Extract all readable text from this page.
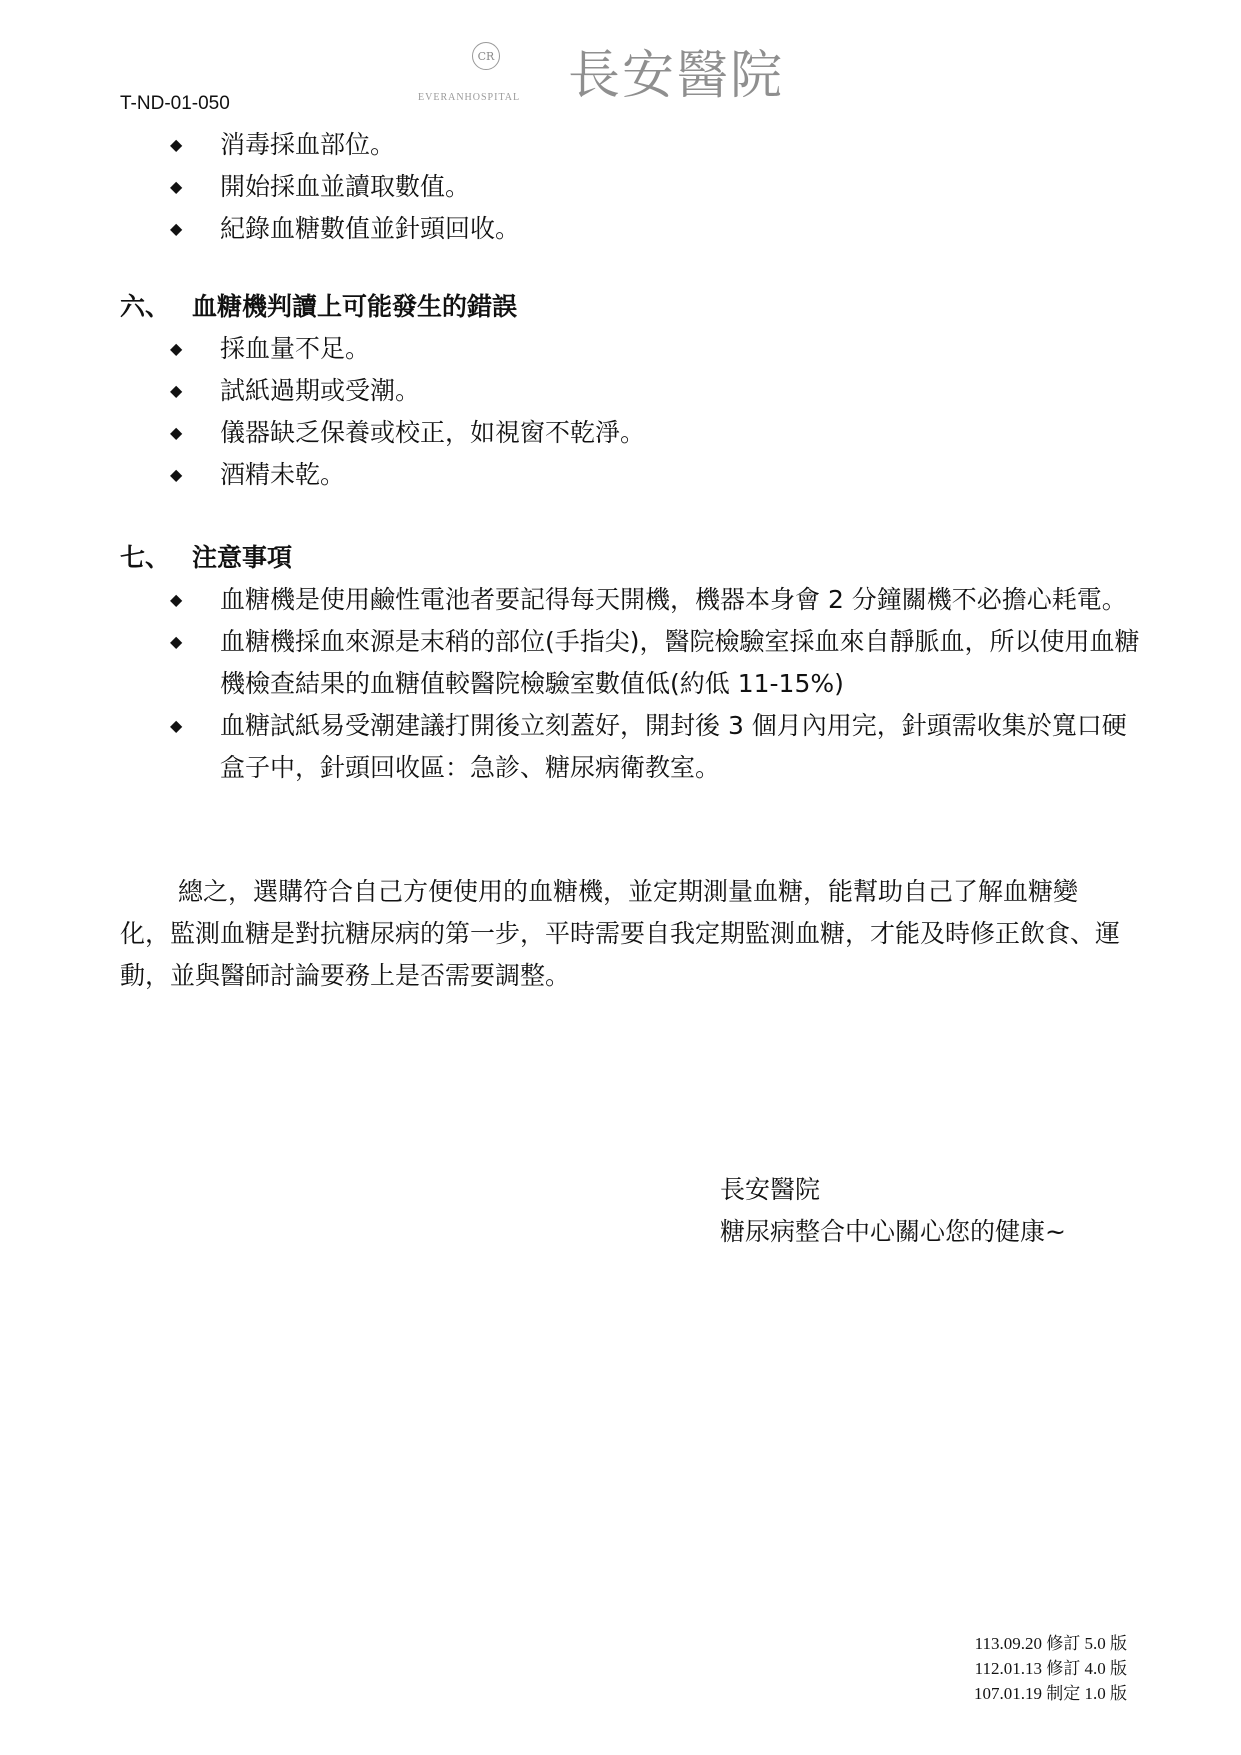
T-ND-01-050
CR
EVERANHOSPITAL 長安醫院
◆ 消毒採血部位。
◆ 開始採血並讀取數值。
◆ 紀錄血糖數值並針頭回收。
六、 血糖機判讀上可能發生的錯誤
◆ 採血量不足。
◆ 試紙過期或受潮。
◆ 儀器缺乏保養或校正，如視窗不乾淨。
◆ 酒精未乾。
七、 注意事項
◆ 血糖機是使用鹼性電池者要記得每天開機，機器本身會 2 分鐘關機不必擔心耗電。
◆ 血糖機採血來源是末稍的部位(手指尖)，醫院檢驗室採血來自靜脈血，所以使用血糖機檢查結果的血糖值較醫院檢驗室數值低(約低 11-15%)
◆ 血糖試紙易受潮建議打開後立刻蓋好，開封後 3 個月內用完，針頭需收集於寬口硬盒子中，針頭回收區：急診、糖尿病衛教室。

總之，選購符合自己方便使用的血糖機，並定期測量血糖，能幫助自己了解血糖變化，監測血糖是對抗糖尿病的第一步，平時需要自我定期監測血糖，才能及時修正飲食、運動，並與醫師討論要務上是否需要調整。

長安醫院
糖尿病整合中心關心您的健康~
113.09.20 修訂 5.0 版
112.01.13 修訂 4.0 版
107.01.19 制定 1.0 版
